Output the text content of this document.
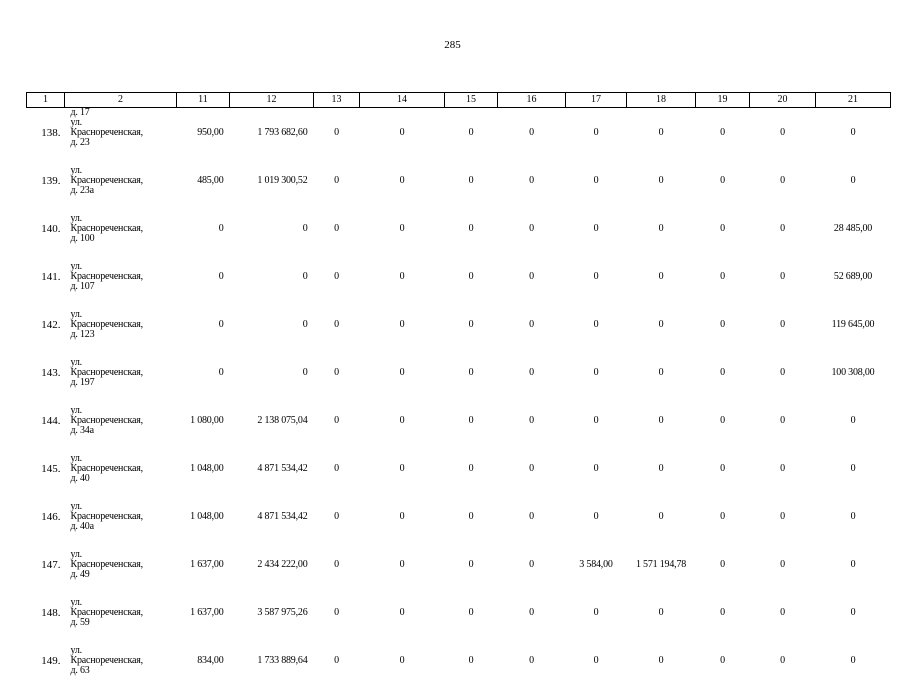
285
1	2	11	12	13	14	15	16	17	18	19	20	21
	д. 17											
138.	ул.
Краснореченская,
д. 23	950,00	1 793 682,60	0	0	0	0	0	0	0	0	0
139.	ул.
Краснореченская,
д. 23а	485,00	1 019 300,52	0	0	0	0	0	0	0	0	0
140.	ул.
Краснореченская,
д. 100	0	0	0	0	0	0	0	0	0	0	28 485,00
141.	ул.
Краснореченская,
д. 107	0	0	0	0	0	0	0	0	0	0	52 689,00
142.	ул.
Краснореченская,
д. 123	0	0	0	0	0	0	0	0	0	0	119 645,00
143.	ул.
Краснореченская,
д. 197	0	0	0	0	0	0	0	0	0	0	100 308,00
144.	ул.
Краснореченская,
д. 34а	1 080,00	2 138 075,04	0	0	0	0	0	0	0	0	0
145.	ул.
Краснореченская,
д. 40	1 048,00	4 871 534,42	0	0	0	0	0	0	0	0	0
146.	ул.
Краснореченская,
д. 40а	1 048,00	4 871 534,42	0	0	0	0	0	0	0	0	0
147.	ул.
Краснореченская,
д. 49	1 637,00	2 434 222,00	0	0	0	0	3 584,00	1 571 194,78	0	0	0
148.	ул.
Краснореченская,
д. 59	1 637,00	3 587 975,26	0	0	0	0	0	0	0	0	0
149.	ул.
Краснореченская,
д. 63	834,00	1 733 889,64	0	0	0	0	0	0	0	0	0
